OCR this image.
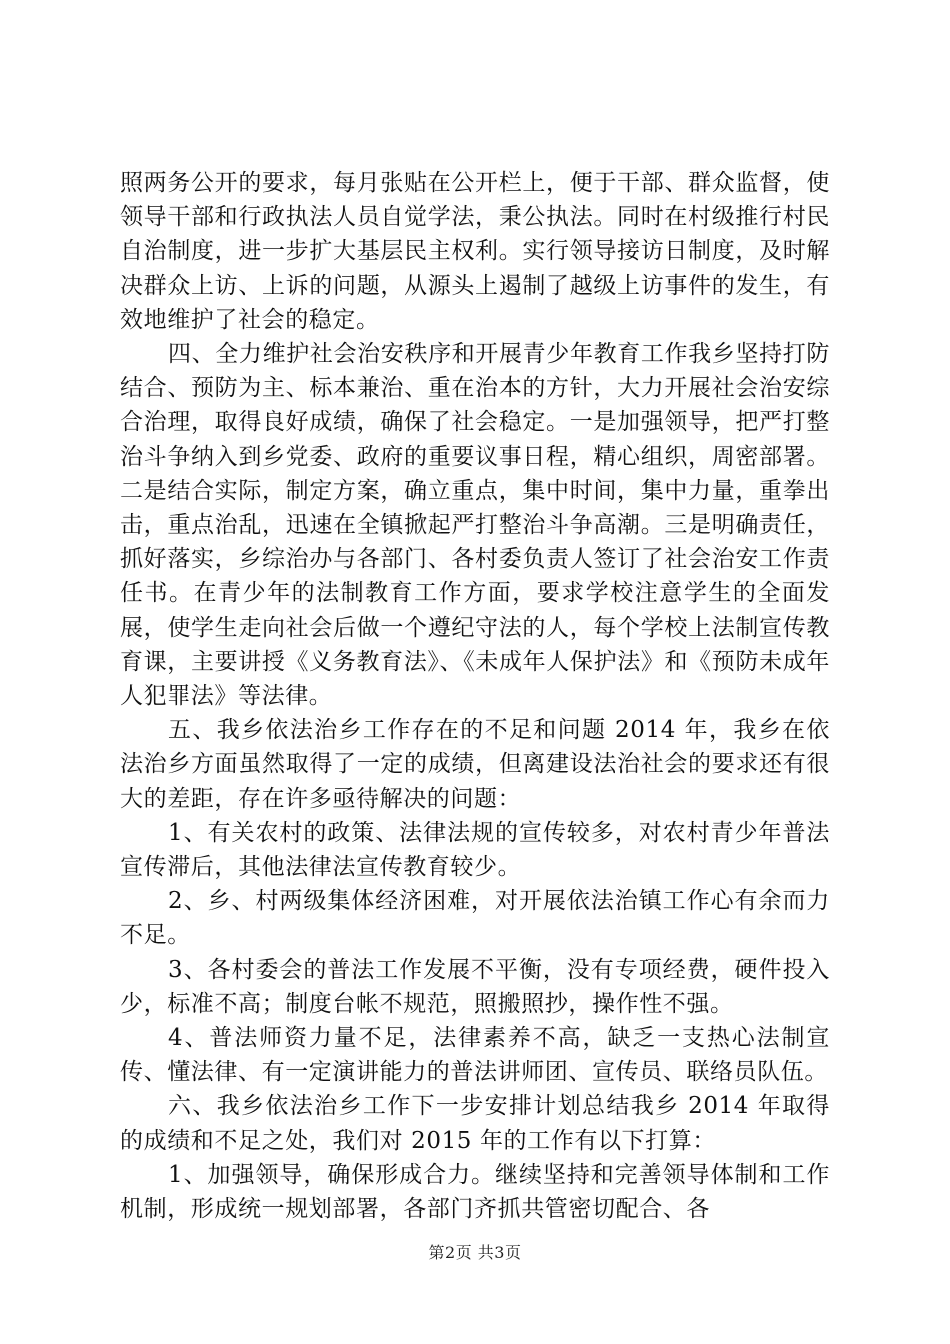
照两务公开的要求，每月张贴在公开栏上，便于干部、群众监督，使领导干部和行政执法人员自觉学法，秉公执法。同时在村级推行村民自治制度，进一步扩大基层民主权利。实行领导接访日制度，及时解决群众上访、上诉的问题，从源头上遏制了越级上访事件的发生，有效地维护了社会的稳定。

四、全力维护社会治安秩序和开展青少年教育工作我乡坚持打防结合、预防为主、标本兼治、重在治本的方针，大力开展社会治安综合治理，取得良好成绩，确保了社会稳定。一是加强领导，把严打整治斗争纳入到乡党委、政府的重要议事日程，精心组织，周密部署。二是结合实际，制定方案，确立重点，集中时间，集中力量，重拳出击，重点治乱，迅速在全镇掀起严打整治斗争高潮。三是明确责任，抓好落实，乡综治办与各部门、各村委负责人签订了社会治安工作责任书。在青少年的法制教育工作方面，要求学校注意学生的全面发展，使学生走向社会后做一个遵纪守法的人，每个学校上法制宣传教育课，主要讲授《义务教育法》、《未成年人保护法》和《预防未成年人犯罪法》等法律。

五、我乡依法治乡工作存在的不足和问题 2014 年，我乡在依法治乡方面虽然取得了一定的成绩，但离建设法治社会的要求还有很大的差距，存在许多亟待解决的问题：

1、有关农村的政策、法律法规的宣传较多，对农村青少年普法宣传滞后，其他法律法宣传教育较少。

2、乡、村两级集体经济困难，对开展依法治镇工作心有余而力不足。

3、各村委会的普法工作发展不平衡，没有专项经费，硬件投入少，标准不高；制度台帐不规范，照搬照抄，操作性不强。

4、普法师资力量不足，法律素养不高，缺乏一支热心法制宣传、懂法律、有一定演讲能力的普法讲师团、宣传员、联络员队伍。

六、我乡依法治乡工作下一步安排计划总结我乡 2014 年取得的成绩和不足之处，我们对 2015 年的工作有以下打算：

1、加强领导，确保形成合力。继续坚持和完善领导体制和工作机制，形成统一规划部署，各部门齐抓共管密切配合、各

第2页 共3页
